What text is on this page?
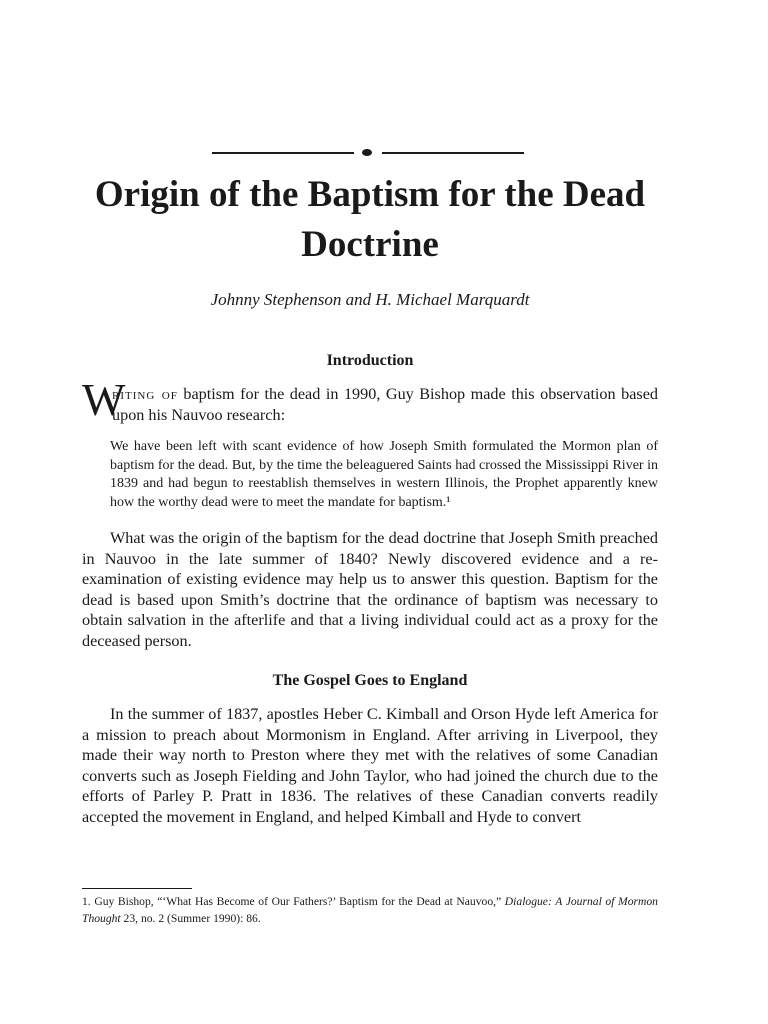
Origin of the Baptism for the Dead Doctrine
Johnny Stephenson and H. Michael Marquardt
Introduction
W

riting of baptism for the dead in 1990, Guy Bishop made this observation based upon his Nauvoo research:

We have been left with scant evidence of how Joseph Smith formulated the Mormon plan of baptism for the dead. But, by the time the beleaguered Saints had crossed the Mississippi River in 1839 and had begun to reestablish themselves in western Illinois, the Prophet apparently knew how the worthy dead were to meet the mandate for baptism.¹

What was the origin of the baptism for the dead doctrine that Joseph Smith preached in Nauvoo in the late summer of 1840? Newly discovered evidence and a re-examination of existing evidence may help us to answer this question. Baptism for the dead is based upon Smith’s doctrine that the ordinance of baptism was necessary to obtain salvation in the afterlife and that a living individual could act as a proxy for the deceased person.

The Gospel Goes to England

In the summer of 1837, apostles Heber C. Kimball and Orson Hyde left America for a mission to preach about Mormonism in England. After arriving in Liverpool, they made their way north to Preston where they met with the relatives of some Canadian converts such as Joseph Fielding and John Taylor, who had joined the church due to the efforts of Parley P. Pratt in 1836. The relatives of these Canadian converts readily accepted the movement in England, and helped Kimball and Hyde to convert

1. Guy Bishop, “‘What Has Become of Our Fathers?’ Baptism for the Dead at Nauvoo,” Dialogue: A Journal of Mormon Thought 23, no. 2 (Summer 1990): 86.
